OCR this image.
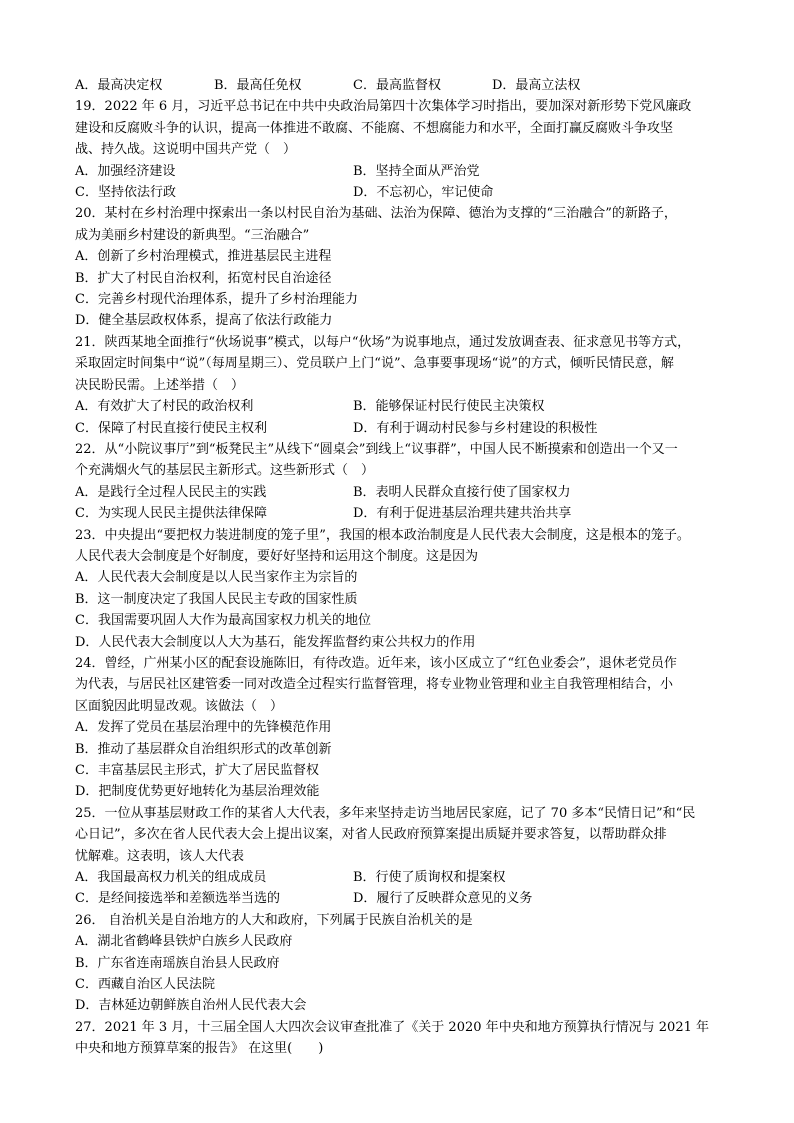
A．最高决定权	B．最高任免权	C．最高监督权	D．最高立法权
19．2022 年 6 月，习近平总书记在中共中央政治局第四十次集体学习时指出，要加深对新形势下党风廉政
建设和反腐败斗争的认识，提高一体推进不敢腐、不能腐、不想腐能力和水平，全面打赢反腐败斗争攻坚
战、持久战。这说明中国共产党（　）
A．加强经济建设	B．坚持全面从严治党
C．坚持依法行政	D．不忘初心，牢记使命
20．某村在乡村治理中探索出一条以村民自治为基础、法治为保障、德治为支撑的“三治融合”的新路子，
成为美丽乡村建设的新典型。“三治融合”
A．创新了乡村治理模式，推进基层民主进程
B．扩大了村民自治权利，拓宽村民自治途径
C．完善乡村现代治理体系，提升了乡村治理能力
D．健全基层政权体系，提高了依法行政能力
21．陕西某地全面推行“伙场说事”模式，以每户“伙场”为说事地点，通过发放调查表、征求意见书等方式，
采取固定时间集中“说”（每周星期三）、党员联户上门“说”、急事要事现场“说”的方式，倾听民情民意，解
决民盼民需。上述举措（　）
A．有效扩大了村民的政治权利	B．能够保证村民行使民主决策权
C．保障了村民直接行使民主权利	D．有利于调动村民参与乡村建设的积极性
22．从“小院议事厅”到“板凳民主”从线下“圆桌会”到线上“议事群”，中国人民不断摸索和创造出一个又一
个充满烟火气的基层民主新形式。这些新形式（　）
A．是践行全过程人民民主的实践	B．表明人民群众直接行使了国家权力
C．为实现人民民主提供法律保障	D．有利于促进基层治理共建共治共享
23．中央提出“要把权力装进制度的笼子里”，我国的根本政治制度是人民代表大会制度，这是根本的笼子。
人民代表大会制度是个好制度，要好好坚持和运用这个制度。这是因为
A．人民代表大会制度是以人民当家作主为宗旨的
B．这一制度决定了我国人民民主专政的国家性质
C．我国需要巩固人大作为最高国家权力机关的地位
D．人民代表大会制度以人大为基石，能发挥监督约束公共权力的作用
24．曾经，广州某小区的配套设施陈旧，有待改造。近年来，该小区成立了“红色业委会”，退休老党员作
为代表，与居民社区建管委一同对改造全过程实行监督管理，将专业物业管理和业主自我管理相结合，小
区面貌因此明显改观。该做法（　）
A．发挥了党员在基层治理中的先锋模范作用
B．推动了基层群众自治组织形式的改革创新
C．丰富基层民主形式，扩大了居民监督权
D．把制度优势更好地转化为基层治理效能
25．一位从事基层财政工作的某省人大代表，多年来坚持走访当地居民家庭，记了 70 多本“民情日记”和“民
心日记”，多次在省人民代表大会上提出议案，对省人民政府预算案提出质疑并要求答复，以帮助群众排
忧解难。这表明，该人大代表
A．我国最高权力机关的组成成员	B．行使了质询权和提案权
C．是经间接选举和差额选举当选的	D．履行了反映群众意见的义务
26． 自治机关是自治地方的人大和政府，下列属于民族自治机关的是
A．湖北省鹤峰县铁炉白族乡人民政府
B．广东省连南瑶族自治县人民政府
C．西藏自治区人民法院
D．吉林延边朝鲜族自治州人民代表大会
27．2021 年 3 月，十三届全国人大四次会议审查批准了《关于 2020 年中央和地方预算执行情况与 2021 年
中央和地方预算草案的报告》 在这里(　　)
